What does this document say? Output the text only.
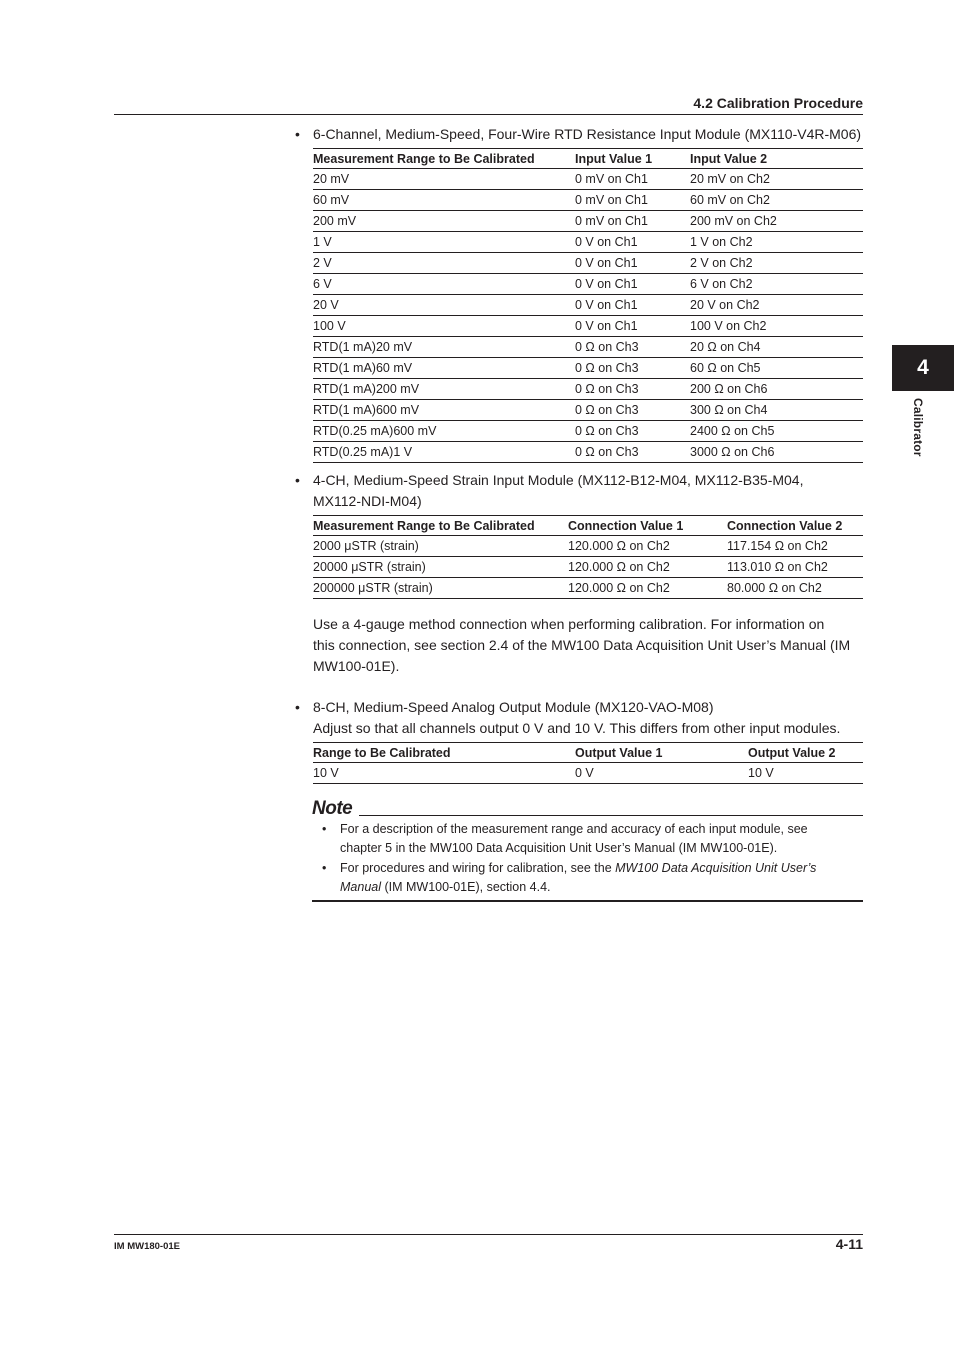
4.2 Calibration Procedure
4
Calibrator
• 6-Channel, Medium-Speed, Four-Wire RTD Resistance Input Module (MX110-V4R-M06)
Measurement Range to Be Calibrated	Input Value 1	Input Value 2
20 mV	0 mV on Ch1	20 mV on Ch2
60 mV	0 mV on Ch1	60 mV on Ch2
200 mV	0 mV on Ch1	200 mV on Ch2
1 V	0 V on Ch1	1 V on Ch2
2 V	0 V on Ch1	2 V on Ch2
6 V	0 V on Ch1	6 V on Ch2
20 V	0 V on Ch1	20 V on Ch2
100 V	0 V on Ch1	100 V on Ch2
RTD(1 mA)20 mV	0 Ω on Ch3	20 Ω on Ch4
RTD(1 mA)60 mV	0 Ω on Ch3	60 Ω on Ch5
RTD(1 mA)200 mV	0 Ω on Ch3	200 Ω on Ch6
RTD(1 mA)600 mV	0 Ω on Ch3	300 Ω on Ch4
RTD(0.25 mA)600 mV	0 Ω on Ch3	2400 Ω on Ch5
RTD(0.25 mA)1 V	0 Ω on Ch3	3000 Ω on Ch6
• 4-CH, Medium-Speed Strain Input Module (MX112-B12-M04, MX112-B35-M04,
MX112-NDI-M04)
Measurement Range to Be Calibrated	Connection Value 1	Connection Value 2
2000 μSTR (strain)	120.000 Ω on Ch2	117.154 Ω on Ch2
20000 μSTR (strain)	120.000 Ω on Ch2	113.010 Ω on Ch2
200000 μSTR (strain)	120.000 Ω on Ch2	80.000 Ω on Ch2
Use a 4-gauge method connection when performing calibration. For information on
this connection, see section 2.4 of the MW100 Data Acquisition Unit User’s Manual (IM
MW100-01E).
• 8-CH, Medium-Speed Analog Output Module (MX120-VAO-M08)
Adjust so that all channels output 0 V and 10 V. This differs from other input modules.
Range to Be Calibrated	Output Value 1	Output Value 2
10 V	0 V	10 V
Note
• For a description of the measurement range and accuracy of each input module, see
chapter 5 in the MW100 Data Acquisition Unit User’s Manual (IM MW100-01E).
• For procedures and wiring for calibration, see the MW100 Data Acquisition Unit User’s
Manual (IM MW100-01E), section 4.4.
IM MW180-01E	4-11
